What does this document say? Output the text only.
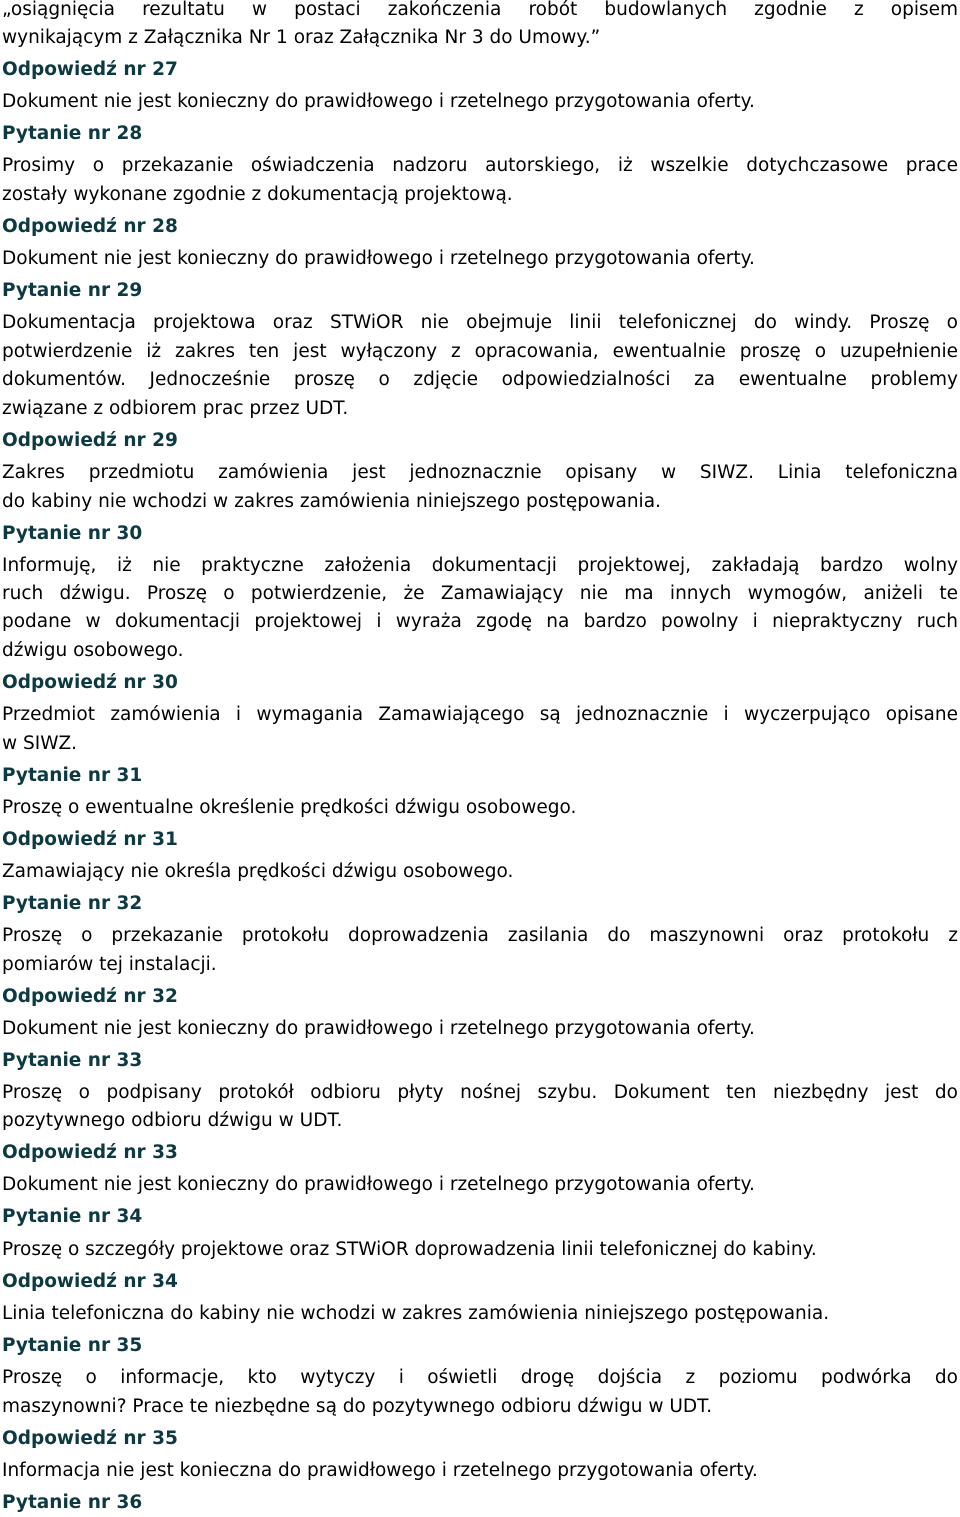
„osiągnięcia rezultatu w postaci zakończenia robót budowlanych zgodnie z opisem
wynikającym z Załącznika Nr 1 oraz Załącznika Nr 3 do Umowy.”
Odpowiedź nr 27
Dokument nie jest konieczny do prawidłowego i rzetelnego przygotowania oferty.
Pytanie nr 28
Prosimy o przekazanie oświadczenia nadzoru autorskiego, iż wszelkie dotychczasowe prace
zostały wykonane zgodnie z dokumentacją projektową.
Odpowiedź nr 28
Dokument nie jest konieczny do prawidłowego i rzetelnego przygotowania oferty.
Pytanie nr 29
Dokumentacja projektowa oraz STWiOR nie obejmuje linii telefonicznej do windy. Proszę o
potwierdzenie iż zakres ten jest wyłączony z opracowania, ewentualnie proszę o uzupełnienie
dokumentów. Jednocześnie proszę o zdjęcie odpowiedzialności za ewentualne problemy
związane z odbiorem prac przez UDT.
Odpowiedź nr 29
Zakres przedmiotu zamówienia jest jednoznacznie opisany w SIWZ. Linia telefoniczna
do kabiny nie wchodzi w zakres zamówienia niniejszego postępowania.
Pytanie nr 30
Informuję, iż nie praktyczne założenia dokumentacji projektowej, zakładają bardzo wolny
ruch dźwigu. Proszę o potwierdzenie, że Zamawiający nie ma innych wymogów, aniżeli te
podane w dokumentacji projektowej i wyraża zgodę na bardzo powolny i niepraktyczny ruch
dźwigu osobowego.
Odpowiedź nr 30
Przedmiot zamówienia i wymagania Zamawiającego są jednoznacznie i wyczerpująco opisane
w SIWZ.
Pytanie nr 31
Proszę o ewentualne określenie prędkości dźwigu osobowego.
Odpowiedź nr 31
Zamawiający nie określa prędkości dźwigu osobowego.
Pytanie nr 32
Proszę o przekazanie protokołu doprowadzenia zasilania do maszynowni oraz protokołu z
pomiarów tej instalacji.
Odpowiedź nr 32
Dokument nie jest konieczny do prawidłowego i rzetelnego przygotowania oferty.
Pytanie nr 33
Proszę o podpisany protokół odbioru płyty nośnej szybu. Dokument ten niezbędny jest do
pozytywnego odbioru dźwigu w UDT.
Odpowiedź nr 33
Dokument nie jest konieczny do prawidłowego i rzetelnego przygotowania oferty.
Pytanie nr 34
Proszę o szczegóły projektowe oraz STWiOR doprowadzenia linii telefonicznej do kabiny.
Odpowiedź nr 34
Linia telefoniczna do kabiny nie wchodzi w zakres zamówienia niniejszego postępowania.
Pytanie nr 35
Proszę o informacje, kto wytyczy i oświetli drogę dojścia z poziomu podwórka do
maszynowni? Prace te niezbędne są do pozytywnego odbioru dźwigu w UDT.
Odpowiedź nr 35
Informacja nie jest konieczna do prawidłowego i rzetelnego przygotowania oferty.
Pytanie nr 36
